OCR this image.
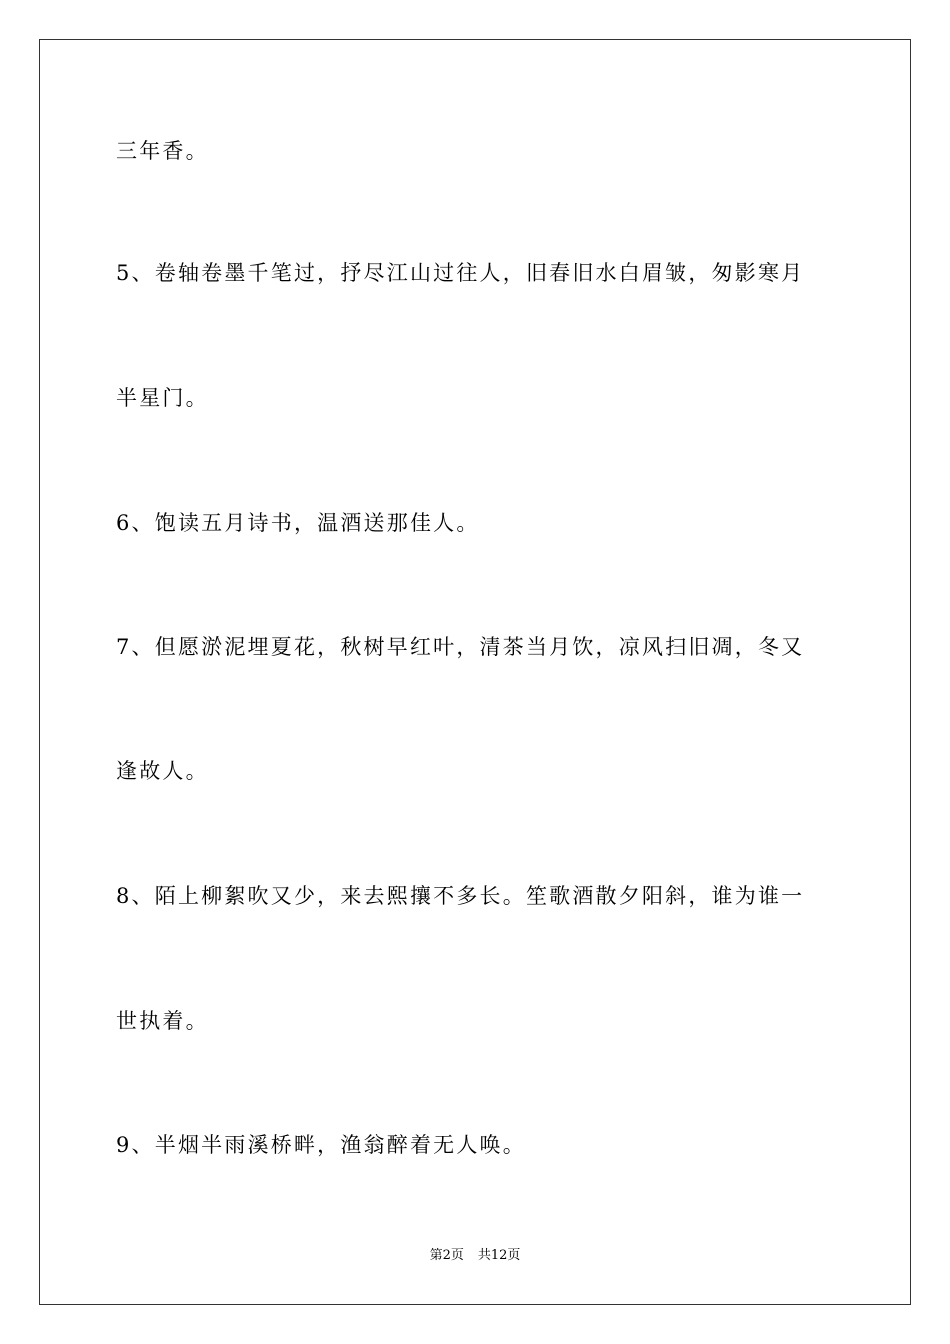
三年香。
5、卷轴卷墨千笔过，抒尽江山过往人，旧春旧水白眉皱，匆影寒月
半星门。
6、饱读五月诗书，温酒送那佳人。
7、但愿淤泥埋夏花，秋树早红叶，清茶当月饮，凉风扫旧凋，冬又
逢故人。
8、陌上柳絮吹又少，来去熙攘不多长。笙歌酒散夕阳斜，谁为谁一
世执着。
9、半烟半雨溪桥畔，渔翁醉着无人唤。
第2页 共12页
